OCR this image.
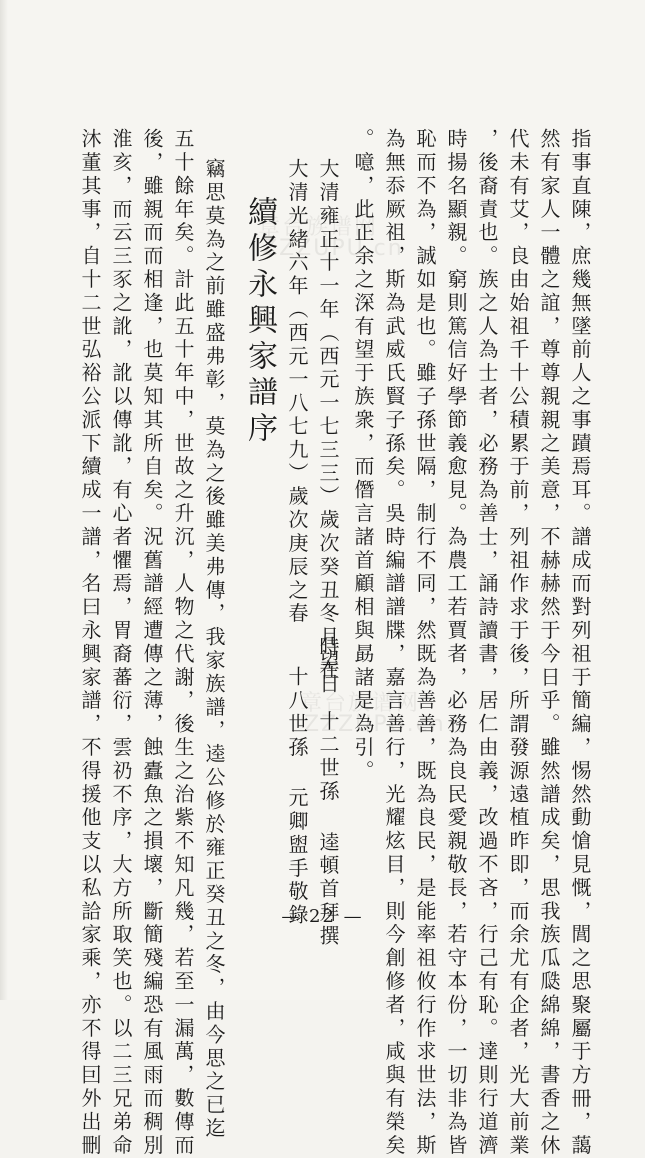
章台族谱网

ZZZUPU.cn

章台族谱网

ZZZUPU.cn	指事直陳，庶幾無墜前人之事蹟焉耳。譜成而對列祖于簡編，惕然動愴見慨，閭之思聚屬于方冊，藹

然有家人一體之誼，尊尊親親之美意，不赫赫然于今日乎。雖然譜成矣，思我族瓜瓞綿綿，書香之休

代未有艾，良由始祖千十公積累于前，列祖作求于後，所謂發源遠植昨即，而余尤有企者，光大前業

，後裔責也。族之人為士者，必務為善士，誦詩讀書，居仁由義，改過不吝，行己有恥。達則行道濟

時揚名顯親。窮則篤信好學節義愈見。為農工若賈者，必務為良民愛親敬長，若守本份，一切非為皆

恥而不為，誠如是也。雖子孫世隔，制行不同，然既為善善，既為良民，是能率祖攸行作求世法，斯

為無忝厥祖，斯為武威氏賢子孫矣。吳時編譜譜牒，嘉言善行，光耀炫目，則今創修者，咸與有榮矣

。噫，此正余之深有望于族衆，而僭言諸首顧相與勗諸是為引。

大清雍正十一年（西元一七三三）歲次癸丑冬月望日

大清光緒六年（西元一八七九）歲次庚辰之春

時在 十二世孫 逵頓首拜撰

十八世孫 元卿盥手敬錄

續修永興家譜序

竊思莫為之前雖盛弗彰，莫為之後雖美弗傳，我家族譜，逵公修於雍正癸丑之冬，由今思之已迄

五十餘年矣。計此五十年中，世故之升沉，人物之代謝，後生之治紫不知凡幾，若至一漏萬，數傳而

後，雖親而而相逢，也莫知其所自矣。況舊譜經遭傳之薄，蝕蠹魚之損壞，斷簡殘編恐有風雨而稠別

淮亥，而云三豕之訛，訛以傳訛，有心者懼焉，胃裔蕃衍，雲礽不序，大方所取笑也。以二三兄弟命

沐董其事，自十二世弘裕公派下續成一譜，名曰永興家譜，不得援他支以私詥家乘，亦不得囙外出刪	— 22 —
